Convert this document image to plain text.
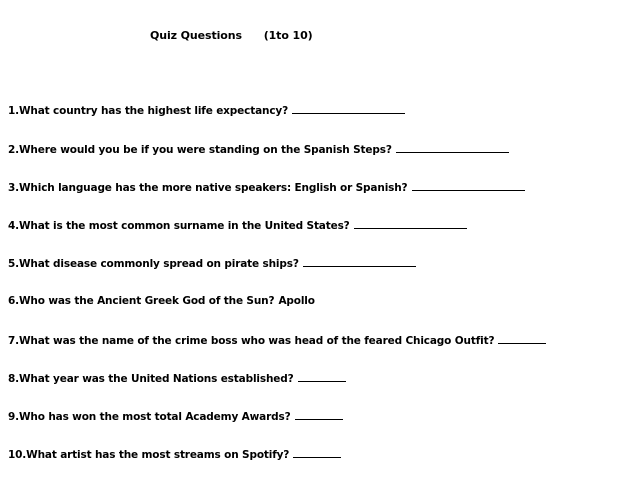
Quiz Questions (1to 10)
1.What country has the highest life expectancy?
2.Where would you be if you were standing on the Spanish Steps?
3.Which language has the more native speakers: English or Spanish?
4.What is the most common surname in the United States?
5.What disease commonly spread on pirate ships?
6.Who was the Ancient Greek God of the Sun? Apollo
7.What was the name of the crime boss who was head of the feared Chicago Outfit?
8.What year was the United Nations established?
9.Who has won the most total Academy Awards?
10.What artist has the most streams on Spotify?
